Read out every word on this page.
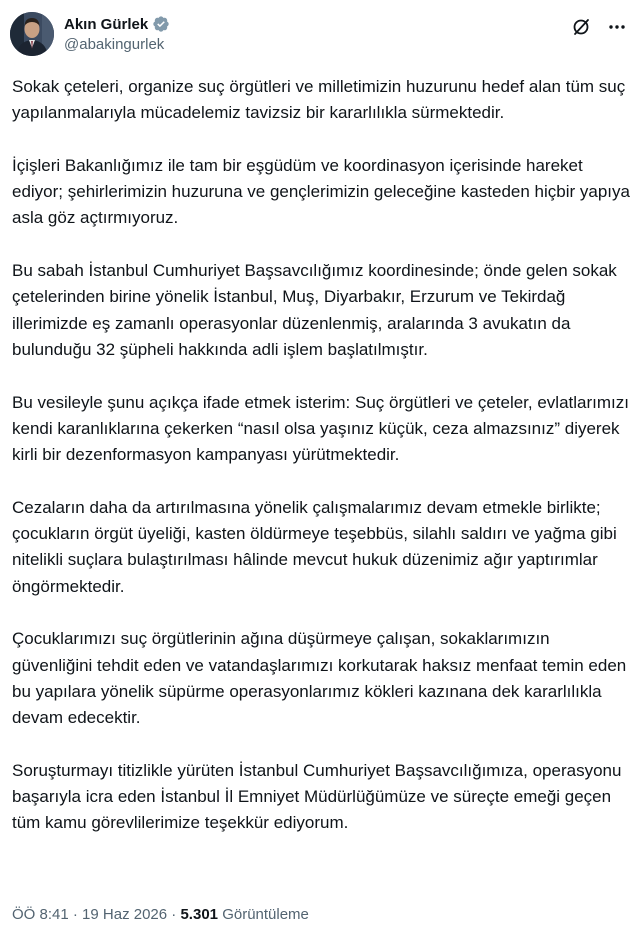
Akın Gürlek
@abakingurlek

Sokak çeteleri, organize suç örgütleri ve milletimizin huzurunu hedef alan tüm suç yapılanmalarıyla mücadelemiz tavizsiz bir kararlılıkla sürmektedir.

İçişleri Bakanlığımız ile tam bir eşgüdüm ve koordinasyon içerisinde hareket ediyor; şehirlerimizin huzuruna ve gençlerimizin geleceğine kasteden hiçbir yapıya asla göz açtırmıyoruz.

Bu sabah İstanbul Cumhuriyet Başsavcılığımız koordinesinde; önde gelen sokak çetelerinden birine yönelik İstanbul, Muş, Diyarbakır, Erzurum ve Tekirdağ illerimizde eş zamanlı operasyonlar düzenlenmiş, aralarında 3 avukatın da bulunduğu 32 şüpheli hakkında adli işlem başlatılmıştır.

Bu vesileyle şunu açıkça ifade etmek isterim: Suç örgütleri ve çeteler, evlatlarımızı kendi karanlıklarına çekerken “nasıl olsa yaşınız küçük, ceza almazsınız” diyerek kirli bir dezenformasyon kampanyası yürütmektedir.

Cezaların daha da artırılmasına yönelik çalışmalarımız devam etmekle birlikte; çocukların örgüt üyeliği, kasten öldürmeye teşebbüs, silahlı saldırı ve yağma gibi nitelikli suçlara bulaştırılması hâlinde mevcut hukuk düzenimiz ağır yaptırımlar öngörmektedir.

Çocuklarımızı suç örgütlerinin ağına düşürmeye çalışan, sokaklarımızın güvenliğini tehdit eden ve vatandaşlarımızı korkutarak haksız menfaat temin eden bu yapılara yönelik süpürme operasyonlarımız kökleri kazınana dek kararlılıkla devam edecektir.

Soruşturmayı titizlikle yürüten İstanbul Cumhuriyet Başsavcılığımıza, operasyonu başarıyla icra eden İstanbul İl Emniyet Müdürlüğümüze ve süreçte emeği geçen tüm kamu görevlilerimize teşekkür ediyorum.

ÖÖ 8:41 · 19 Haz 2026 · 5.301 Görüntüleme
